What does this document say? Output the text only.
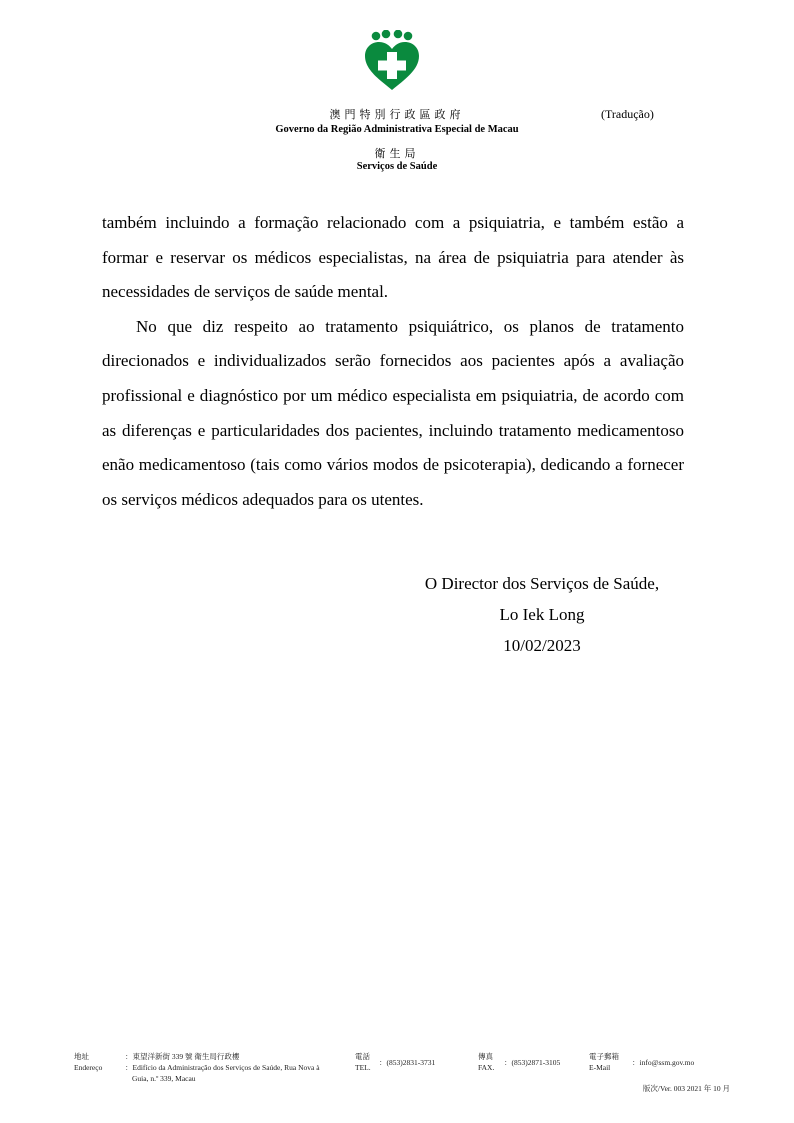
澳門特別行政區政府
Governo da Região Administrativa Especial de Macau
衛生局
Serviços de Saúde
(Tradução)

também incluindo a formação relacionado com a psiquiatria, e também estão a formar e reservar os médicos especialistas, na área de psiquiatria para atender às necessidades de serviços de saúde mental.

No que diz respeito ao tratamento psiquiátrico, os planos de tratamento direcionados e individualizados serão fornecidos aos pacientes após a avaliação profissional e diagnóstico por um médico especialista em psiquiatria, de acordo com as diferenças e particularidades dos pacientes, incluindo tratamento medicamentoso enão medicamentoso (tais como vários modos de psicoterapia), dedicando a fornecer os serviços médicos adequados para os utentes.

O Director dos Serviços de Saúde,
Lo Iek Long
10/02/2023
地址
Endereço
：東望洋新街 339 號 衛生局行政樓
：Edifício da Administração dos Serviços de Saúde, Rua Nova à
Guia, n.º 339, Macau
電話
TEL.
：(853)2831-3731
傳真
FAX.
：(853)2871-3105
電子郵箱
E-Mail
：info@ssm.gov.mo
版次/Ver. 003 2021 年 10 月
